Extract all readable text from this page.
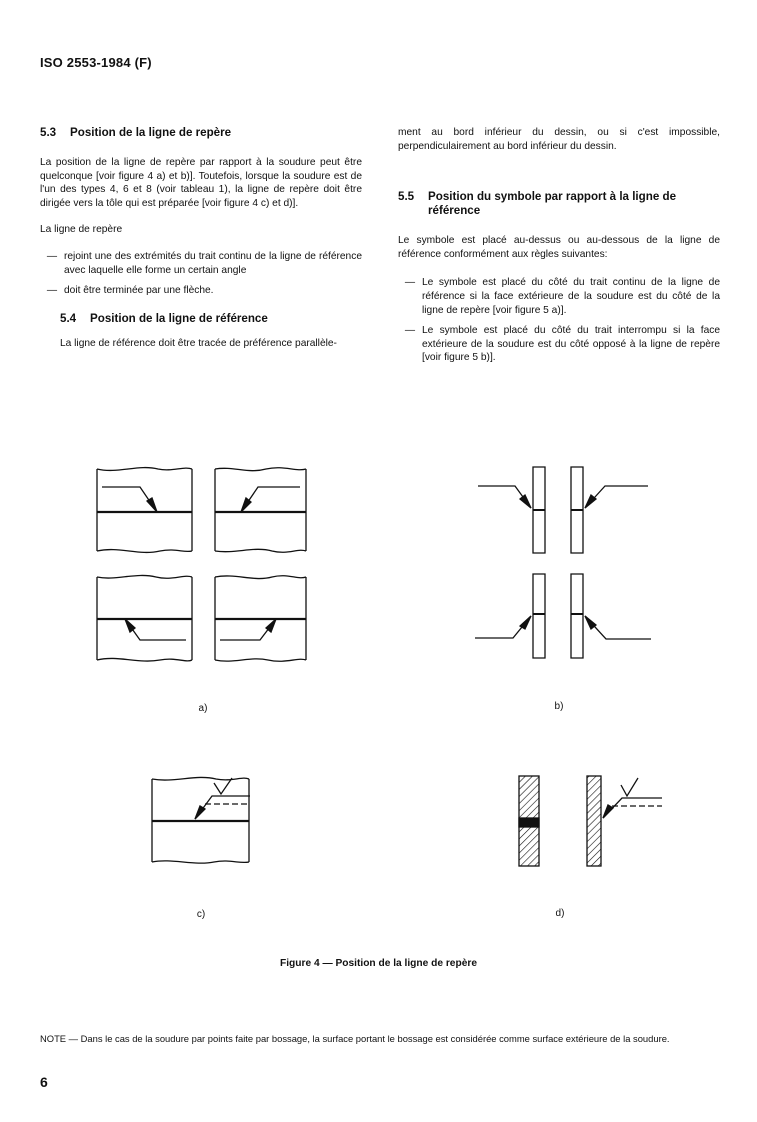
ISO 2553-1984 (F)
5.3 Position de la ligne de repère

La position de la ligne de repère par rapport à la soudure peut être quelconque [voir figure 4 a) et b)]. Toutefois, lorsque la soudure est de l'un des types 4, 6 et 8 (voir tableau 1), la ligne de repère doit être dirigée vers la tôle qui est préparée [voir figure 4 c) et d)].

La ligne de repère

— rejoint une des extrémités du trait continu de la ligne de référence avec laquelle elle forme un certain angle
— doit être terminée par une flèche.
5.4 Position de la ligne de référence

La ligne de référence doit être tracée de préférence parallèle-

ment au bord inférieur du dessin, ou si c'est impossible, perpendiculairement au bord inférieur du dessin.

5.5	Position du symbole par rapport à la ligne de référence

Le symbole est placé au-dessus ou au-dessous de la ligne de référence conformément aux règles suivantes:

— Le symbole est placé du côté du trait continu de la ligne de référence si la face extérieure de la soudure est du côté de la ligne de repère [voir figure 5 a)].
— Le symbole est placé du côté du trait interrompu si la face extérieure de la soudure est du côté opposé à la ligne de repère [voir figure 5 b)].
a)	b)
c)	d)
Figure 4 — Position de la ligne de repère
NOTE — Dans le cas de la soudure par points faite par bossage, la surface portant le bossage est considérée comme surface extérieure de la soudure.
6
